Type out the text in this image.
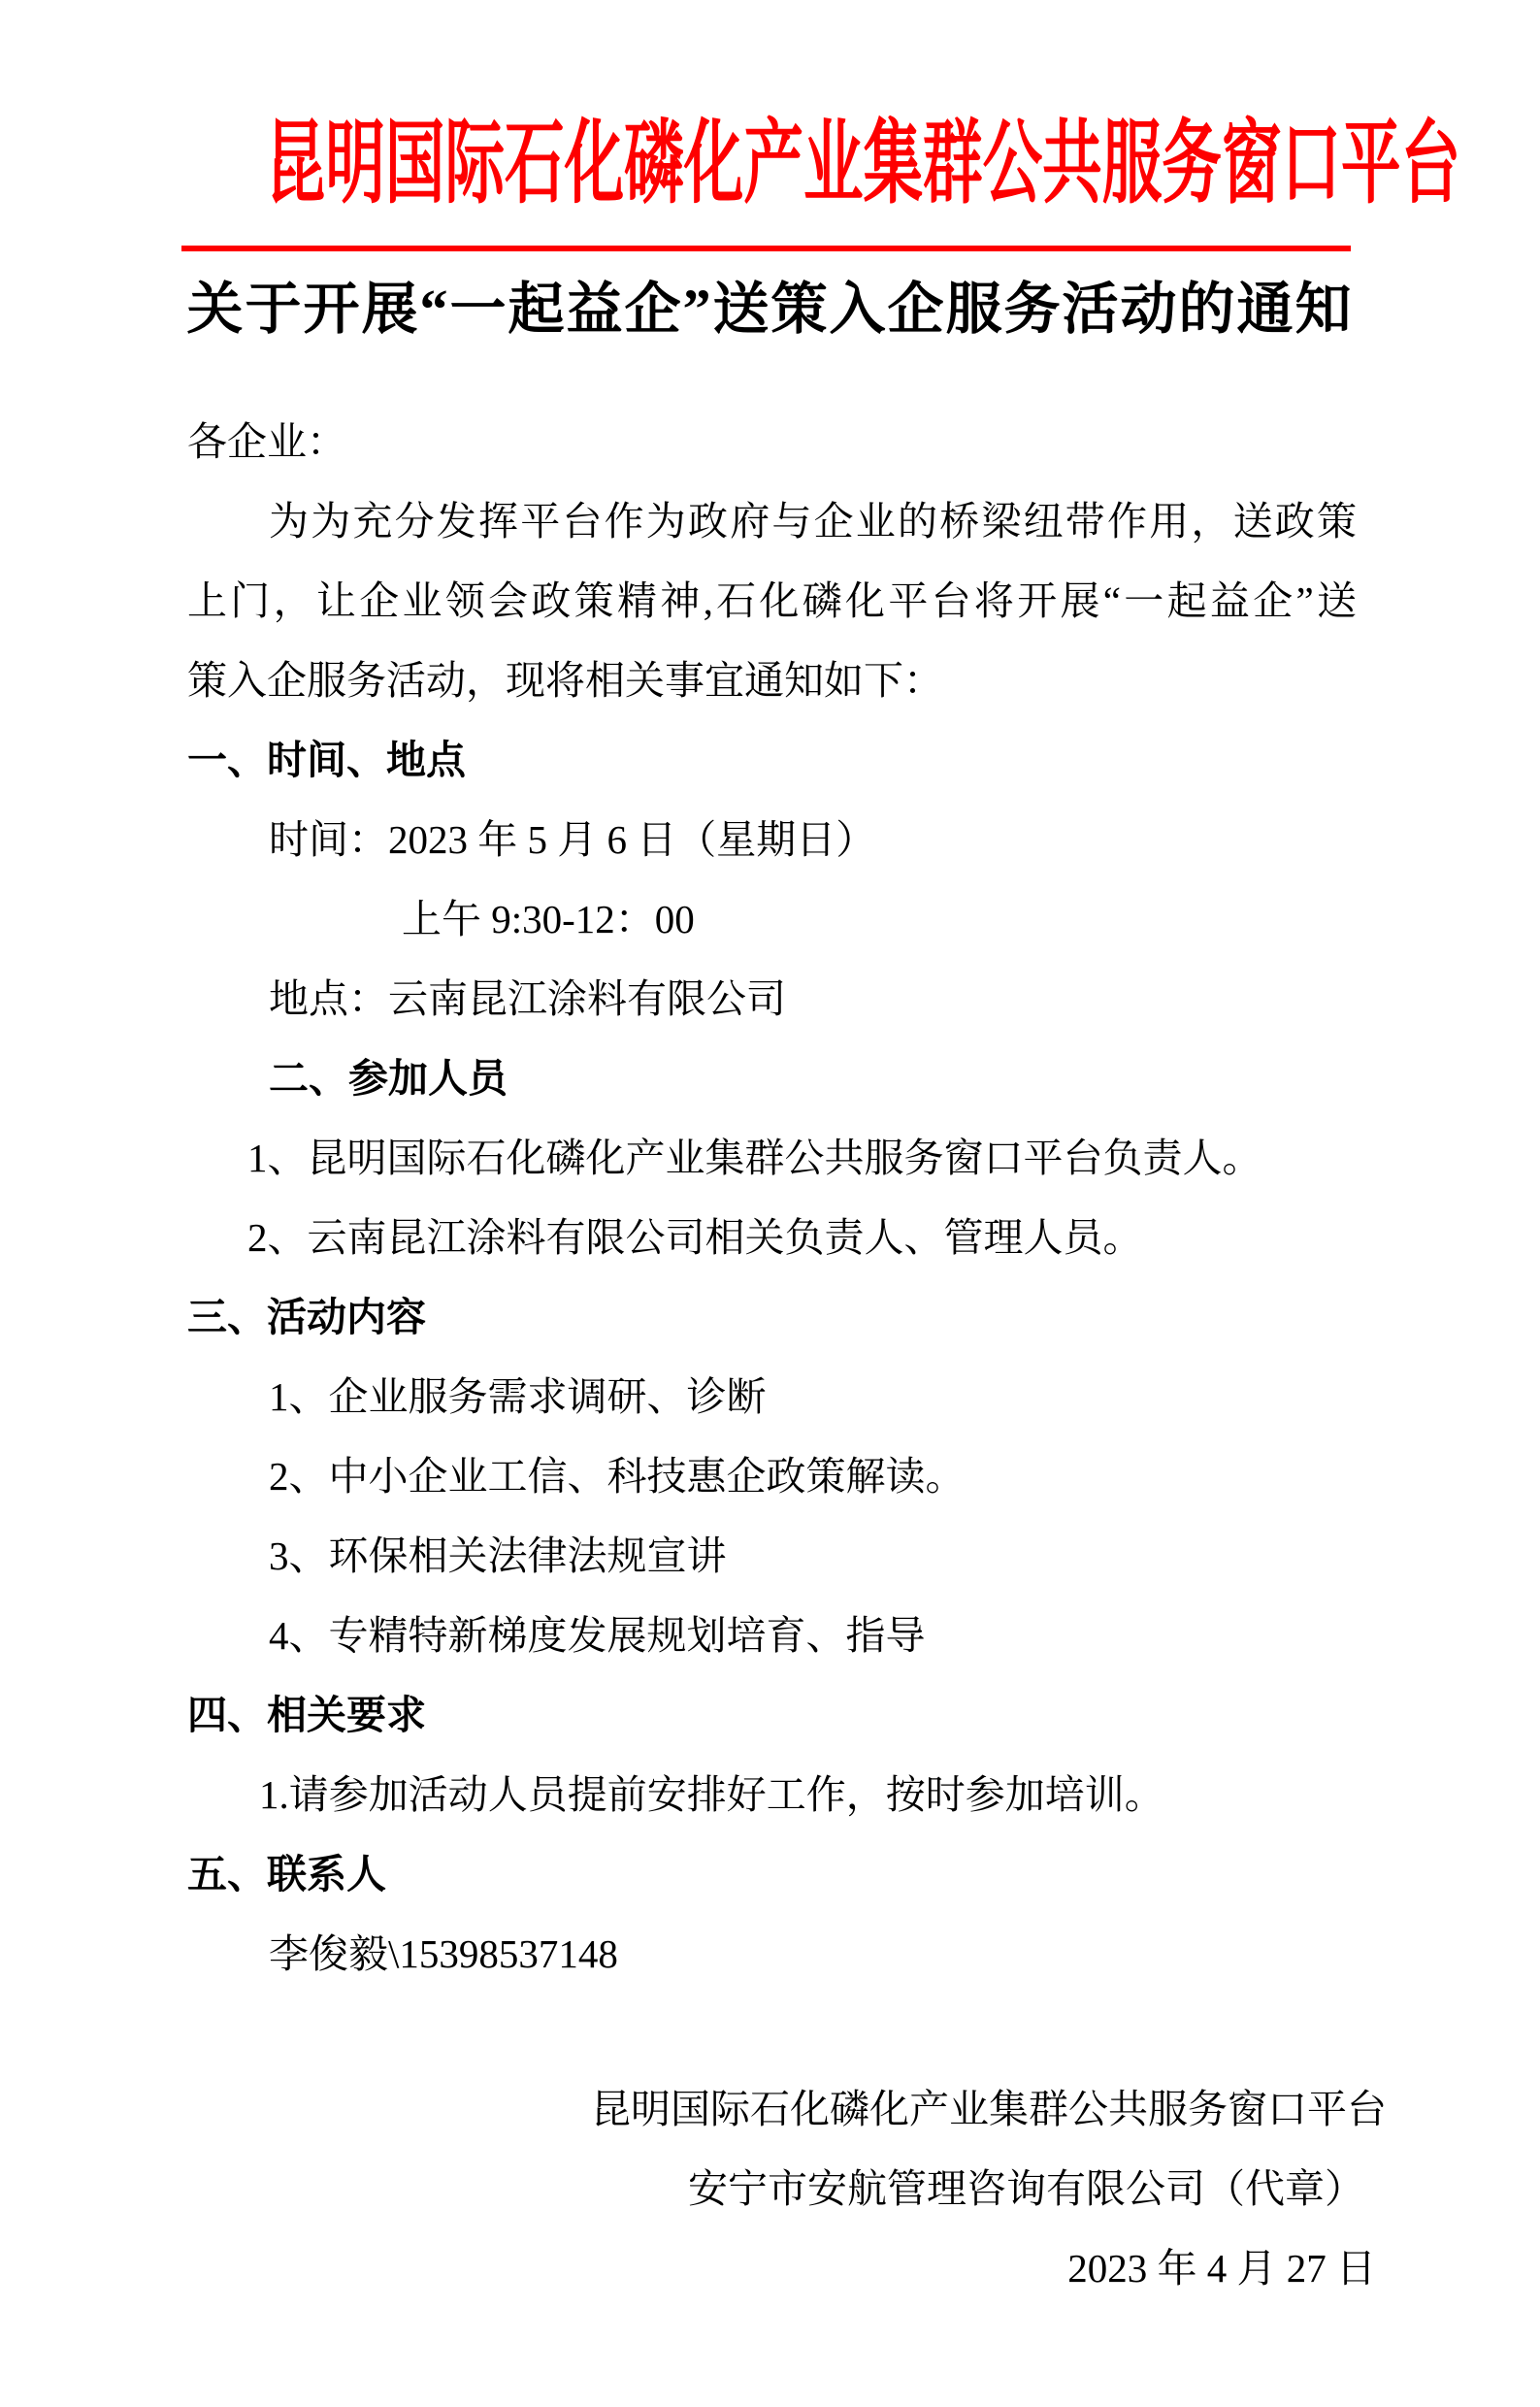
昆明国际石化磷化产业集群公共服务窗口平台
关于开展“一起益企”送策入企服务活动的通知
各企业：
为为充分发挥平台作为政府与企业的桥梁纽带作用，送政策
上门，让企业领会政策精神,石化磷化平台将开展“一起益企”送
策入企服务活动，现将相关事宜通知如下：
一、时间、地点
时间：2023 年 5 月 6 日（星期日）
上午 9:30-12：00
地点：云南昆江涂料有限公司
二、参加人员
1、昆明国际石化磷化产业集群公共服务窗口平台负责人。
2、云南昆江涂料有限公司相关负责人、管理人员。
三、活动内容
1、企业服务需求调研、诊断
2、中小企业工信、科技惠企政策解读。
3、环保相关法律法规宣讲
4、专精特新梯度发展规划培育、指导
四、相关要求
1.请参加活动人员提前安排好工作，按时参加培训。
五、联系人
李俊毅\15398537148
昆明国际石化磷化产业集群公共服务窗口平台
安宁市安航管理咨询有限公司（代章）
2023 年 4 月 27 日
